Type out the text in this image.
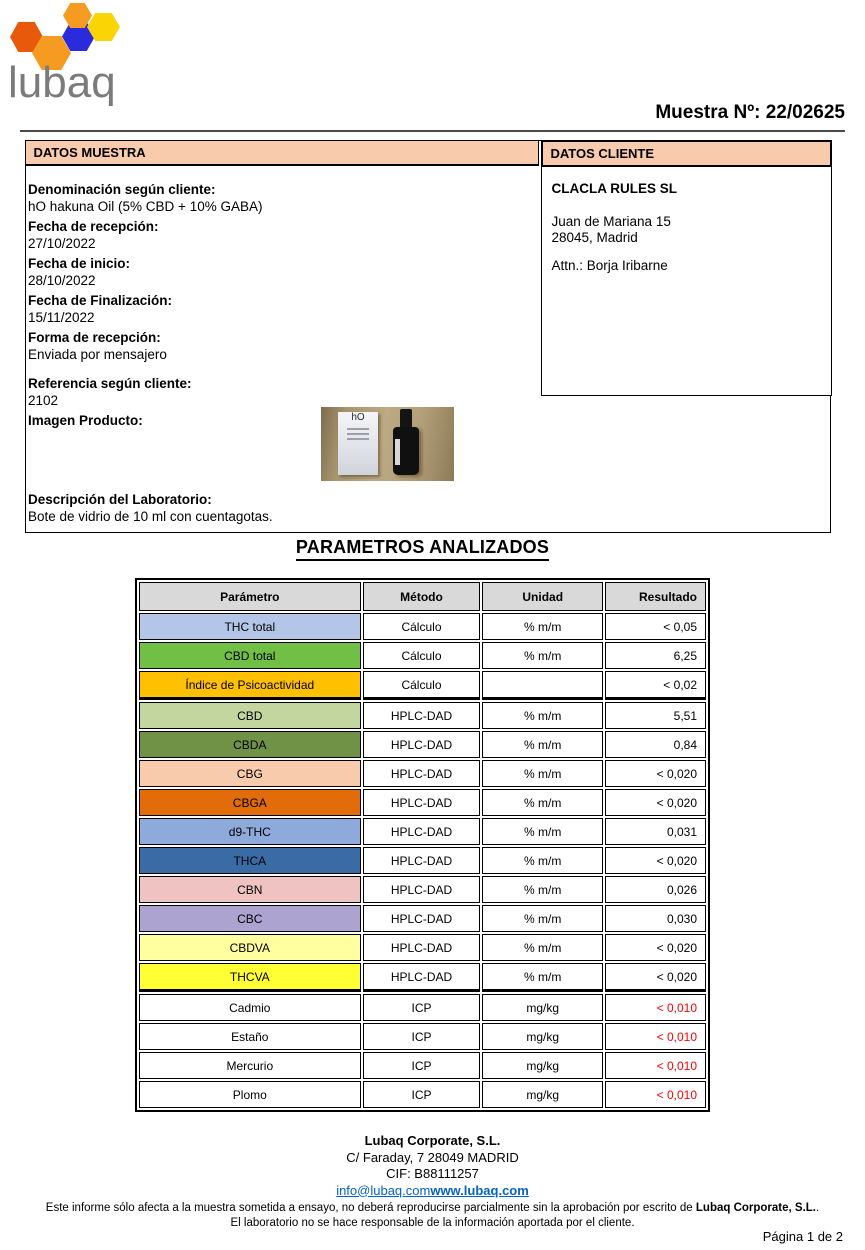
lubaq
Muestra Nº: 22/02625
DATOS MUESTRA

Denominación según cliente:

hO hakuna Oil (5% CBD + 10% GABA)

Fecha de recepción:

27/10/2022

Fecha de inicio:

28/10/2022

Fecha de Finalización:

15/11/2022

Forma de recepción:

Enviada por mensajero

Referencia según cliente:

2102

Imagen Producto:	hO

Descripción del Laboratorio:

Bote de vidrio de 10 ml con cuentagotas.

DATOS CLIENTE

CLACLA RULES SL

Juan de Mariana 15

28045, Madrid

Attn.: Borja Iribarne

PARAMETROS ANALIZADOS
Parámetro	Método	Unidad	Resultado
THC total	Cálculo	% m/m	< 0,05
CBD total	Cálculo	% m/m	6,25
Índice de Psicoactividad	Cálculo		< 0,02
CBD	HPLC-DAD	% m/m	5,51
CBDA	HPLC-DAD	% m/m	0,84
CBG	HPLC-DAD	% m/m	< 0,020
CBGA	HPLC-DAD	% m/m	< 0,020
d9-THC	HPLC-DAD	% m/m	0,031
THCA	HPLC-DAD	% m/m	< 0,020
CBN	HPLC-DAD	% m/m	0,026
CBC	HPLC-DAD	% m/m	0,030
CBDVA	HPLC-DAD	% m/m	< 0,020
THCVA	HPLC-DAD	% m/m	< 0,020
Cadmio	ICP	mg/kg	< 0,010
Estaño	ICP	mg/kg	< 0,010
Mercurio	ICP	mg/kg	< 0,010
Plomo	ICP	mg/kg	< 0,010

Lubaq Corporate, S.L.

C/ Faraday, 7 28049 MADRID

CIF: B88111257

info@lubaq.comwww.lubaq.com

Este informe sólo afecta a la muestra sometida a ensayo, no deberá reproducirse parcialmente sin la aprobación por escrito de Lubaq Corporate, S.L..

El laboratorio no se hace responsable de la información aportada por el cliente.

Página 1 de 2
